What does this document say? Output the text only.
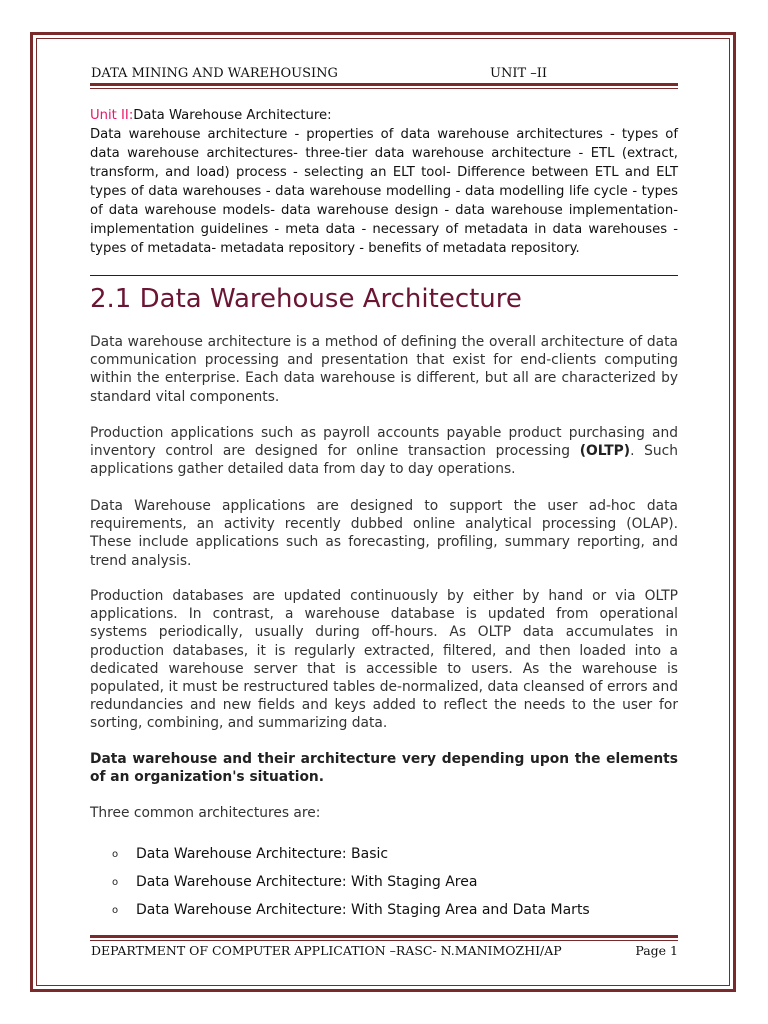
DATA MINING AND WAREHOUSING	UNIT –II
Unit II:Data Warehouse Architecture:
Data warehouse architecture - properties of data warehouse architectures - types of data warehouse architectures- three-tier data warehouse architecture - ETL (extract, transform, and load) process - selecting an ELT tool- Difference between ETL and ELT types of data warehouses - data warehouse modelling - data modelling life cycle - types of data warehouse models- data warehouse design - data warehouse implementation- implementation guidelines - meta data - necessary of metadata in data warehouses - types of metadata- metadata repository - benefits of metadata repository.
2.1 Data Warehouse Architecture

Data warehouse architecture is a method of defining the overall architecture of data communication processing and presentation that exist for end-clients computing within the enterprise. Each data warehouse is different, but all are characterized by standard vital components.

Production applications such as payroll accounts payable product purchasing and inventory control are designed for online transaction processing (OLTP). Such applications gather detailed data from day to day operations.

Data Warehouse applications are designed to support the user ad-hoc data requirements, an activity recently dubbed online analytical processing (OLAP). These include applications such as forecasting, profiling, summary reporting, and trend analysis.

Production databases are updated continuously by either by hand or via OLTP applications. In contrast, a warehouse database is updated from operational systems periodically, usually during off-hours. As OLTP data accumulates in production databases, it is regularly extracted, filtered, and then loaded into a dedicated warehouse server that is accessible to users. As the warehouse is populated, it must be restructured tables de-normalized, data cleansed of errors and redundancies and new fields and keys added to reflect the needs to the user for sorting, combining, and summarizing data.

Data warehouse and their architecture very depending upon the elements of an organization's situation.

Three common architectures are:

o Data Warehouse Architecture: Basic
o Data Warehouse Architecture: With Staging Area
o Data Warehouse Architecture: With Staging Area and Data Marts
DEPARTMENT OF COMPUTER APPLICATION –RASC- N.MANIMOZHI/AP	Page 1
